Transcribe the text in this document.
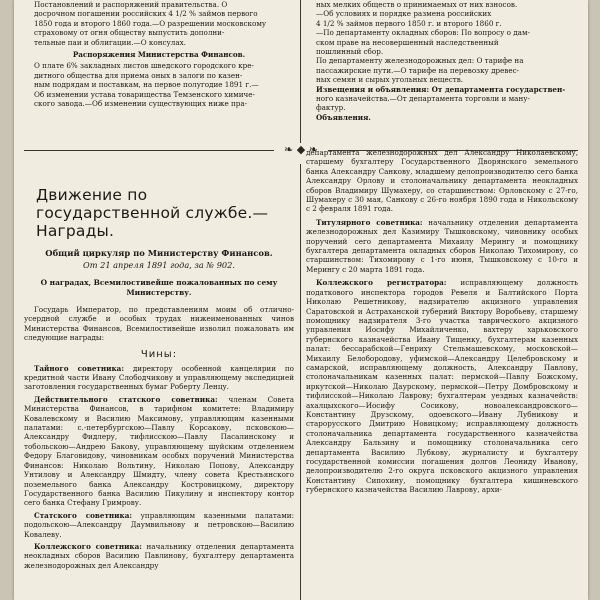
Постановлений и распоряжений правительства. О

досрочном погашении российских 4 1/2 % займов первого

1850 года и второго 1860 года.—О разрешении московскому

страховому от огня обществу выпустить дополни-

тельные паи и облигации.—О консулах.

Распоряжения Министерства Финансов.

О плате 6% закладных листов шведского городского кре-

дитного общества для приема оных в залоги по казен-

ным подрядам и поставкам, на первое полугодие 1891 г.—

Об изменении устава товарищества Темзенского химиче-

ского завода.—Об изменении существующих ниже пра-

ных мелких обществ о принимаемых от них взносов.

—Об условиях и порядке размена российских

4 1/2 % займов первого 1850 г. и второго 1860 г.

—По департаменту окладных сборов: По вопросу о дам-

ском праве на несовершенный наследственный

пошлинный сбор.

По департаменту железнодорожных дел: О тарифе на

пассажирские пути.—О тарифе на перевозку древес-

ных семян и сырых угольных веществ.

Извещения и объявления: От департамента государствен-

ного казначейства.—От департамента торговли и ману-

фактур.

Объявления.

❧ ◆ ❧
Движение по государственной службе.—Награды.
Общий циркуляр по Министерству Финансов.
От 21 апреля 1891 года, за № 902.
О наградах, Всемилостивейше пожалованных по сему Министерству.

Государь Император, по представлениям моим об отлично-усердной службе и особых трудах нижеименованных чинов Министерства Финансов, Всемилостивейше изволил пожаловать им следующие награды:

Чины:

Тайного советника: директору особенной канцелярии по кредитной части Ивану Слободчикову и управляющему экспедицией заготовления государственных бумаг Роберту Ленцу.

Действительного статского советника: членам Совета Министерства Финансов, в тарифном комитете: Владимиру Ковалевскому и Василию Максимову, управляющим казенными палатами: с.-петербургскою—Павлу Корсакову, псковскою—Александру Фидлеру, тифлисскою—Павлу Пасалинскому и тобольскою—Андрею Бакову, управляющему шуйским отделением Федору Благовидову, чиновникам особых поручений Министерства Финансов: Николаю Вольтину, Николаю Попову, Александру Унтилову и Александру Шмидту, члену совета Крестьянского поземельного банка Александру Костровицкому, директору Государственного банка Василию Пикулину и инспектору контор сего банка Стефану Гримрову.

Статского советника: управляющим казенными палатами: подольскою—Александру Даумвильнову и петровскою—Василию Ковалеву.

Коллежского советника: начальнику отделения департамента неокладных сборов Василию Павлинову, бухгалтеру департамента железнодорожных дел Александру

департамента железнодорожных дел Александру Николаевскому, старшему бухгалтеру Государственного Дворянского земельного банка Александру Санкову, младшему делопроизводителю сего банка Александру Орлову и столоначальнику департамента неокладных сборов Владимиру Шумахеру, со старшинством: Орловскому с 27-го, Шумахеру с 30 мая, Санкову с 26-го ноября 1890 года и Никольскому с 2 февраля 1891 года.

Титулярного советника: начальнику отделения департамента железнодорожных дел Казимиру Тышковскому, чиновнику особых поручений сего департамента Михаилу Мерингу и помощнику бухгалтера департамента окладных сборов Николаю Тихомирову, со старшинством: Тихомирову с 1-го июня, Тышковскому с 10-го и Мерингу с 20 марта 1891 года.

Коллежского регистратора: исправляющему должность податкового инспектора городов Ревеля и Балтийского Порта Николаю Решетникову, надзирателю акцизного управления Саратовской и Астраханской губерний Виктору Воробьеву, старшему помощнику надзирателя 3-го участка таврического акцизного управления Иосифу Михайличенко, вахтеру харьковского губернского казначейства Ивану Тищенку, бухгалтерам казенных палат: бессарабской—Генриху Стельмашевскому, московской—Михаилу Белобородову, уфимской—Александру Целебровскому и самарской, исправляющему должность, Александру Павлову, столоначальникам казенных палат: пермской—Павлу Божскому, иркутской—Николаю Даурскому, пермской—Петру Домбровскому и тифлисской—Николаю Лаврову; бухгалтерам уездных казначейств: ахалцыхского—Иосифу Сосикову, новоалександровского—Константину Друзскому, одоевского—Ивану Лубникову и старорусского Дмитрию Новицкому; исправляющему должность столоначальника департамента государственного казначейства Александру Бальзину и помощнику столоначальника сего департамента Василию Лубкову, журналисту и бухгалтеру государственной комиссии погашения долгов Леониду Иванову, делопроизводителю 2-го округа псковского акцизного управления Константину Сипохину, помощнику бухгалтера кишиневского губернского казначейства Василию Лаврову, архи-
